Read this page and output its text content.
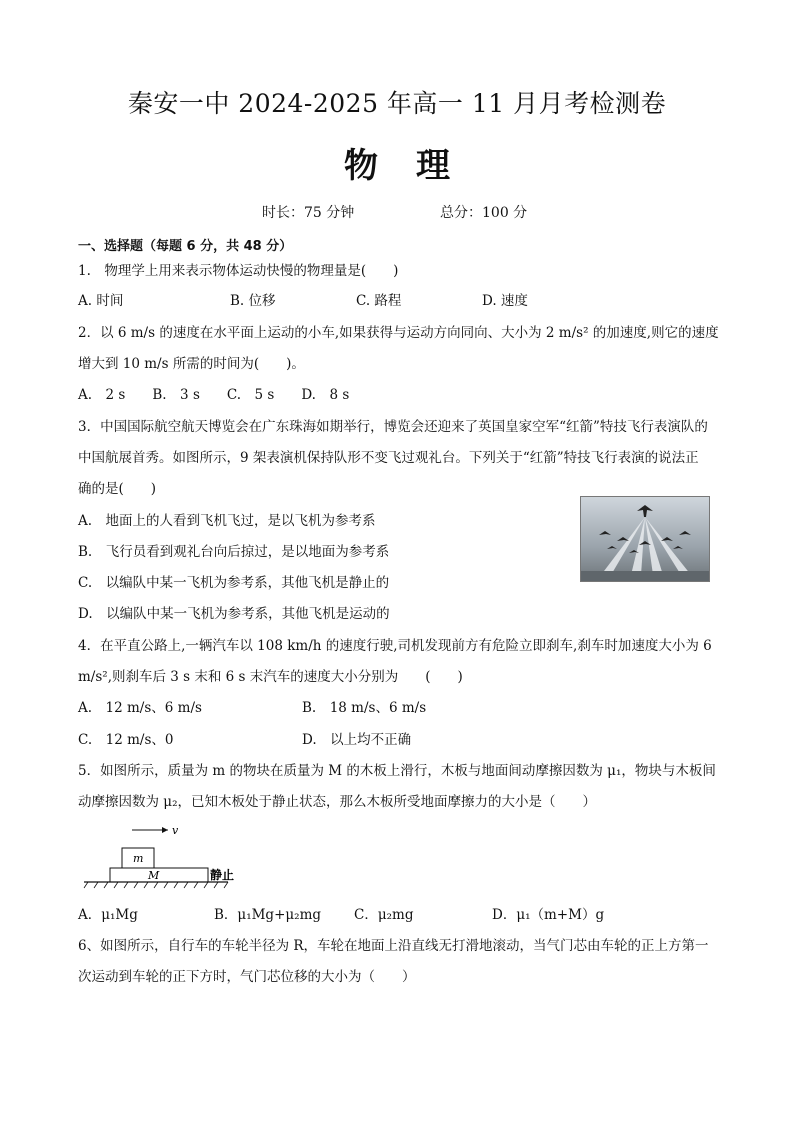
秦安一中 2024-2025 年高一 11 月月考检测卷
物理
时长：75 分钟	总分：100 分
一、选择题（每题 6 分，共 48 分）
1.　物理学上用来表示物体运动快慢的物理量是(　　)
A. 时间	B. 位移	C. 路程	D. 速度
2．以 6 m/s 的速度在水平面上运动的小车,如果获得与运动方向同向、大小为 2 m/s² 的加速度,则它的速度
增大到 10 m/s 所需的时间为(　　)。
A.　2 s　　B.　3 s　　C.　5 s　　D.　8 s
3．中国国际航空航天博览会在广东珠海如期举行，博览会还迎来了英国皇家空军“红箭”特技飞行表演队的
中国航展首秀。如图所示，9 架表演机保持队形不变飞过观礼台。下列关于“红箭”特技飞行表演的说法正
确的是(　　)
A.　地面上的人看到飞机飞过，是以飞机为参考系
B.　飞行员看到观礼台向后掠过，是以地面为参考系
C.　以编队中某一飞机为参考系，其他飞机是静止的
D.　以编队中某一飞机为参考系，其他飞机是运动的
4．在平直公路上,一辆汽车以 108 km/h 的速度行驶,司机发现前方有危险立即刹车,刹车时加速度大小为 6
m/s²,则刹车后 3 s 末和 6 s 末汽车的速度大小分别为　　(　　)
A.　12 m/s、6 m/s	B.　18 m/s、6 m/s
C.　12 m/s、0	D.　以上均不正确
5．如图所示，质量为 m 的物块在质量为 M 的木板上滑行，木板与地面间动摩擦因数为 μ₁，物块与木板间
动摩擦因数为 μ₂，已知木板处于静止状态，那么木板所受地面摩擦力的大小是（　　）
v
m
M	静止
A．μ₁Mg	B．μ₁Mg+μ₂mg C．μ₂mg	D．μ₁（m+M）g
6、如图所示，自行车的车轮半径为 R，车轮在地面上沿直线无打滑地滚动，当气门芯由车轮的正上方第一
次运动到车轮的正下方时，气门芯位移的大小为（　　）
